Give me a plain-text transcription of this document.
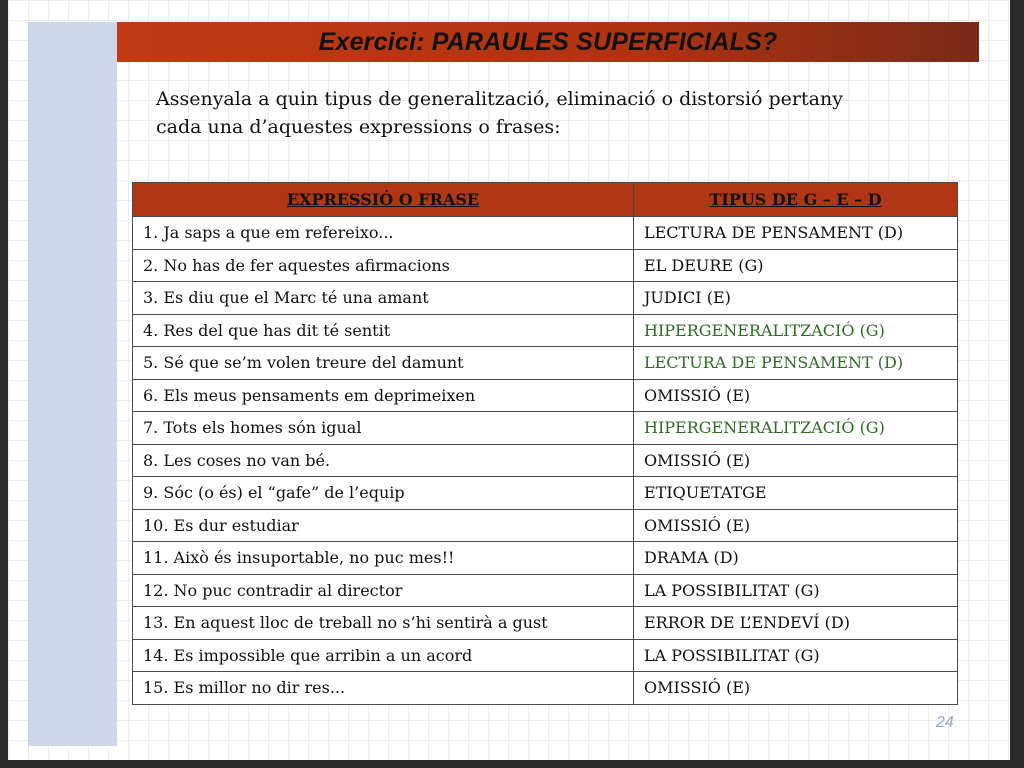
Exercici: PARAULES SUPERFICIALS?
Assenyala a quin tipus de generalització, eliminació o distorsió pertany
cada una d’aquestes expressions o frases:
EXPRESSIÓ O FRASE	TIPUS DE G – E – D
1. Ja saps a que em refereixo...	LECTURA DE PENSAMENT (D)
2. No has de fer aquestes afirmacions	EL DEURE (G)
3. Es diu que el Marc té una amant	JUDICI (E)
4. Res del que has dit té sentit	HIPERGENERALITZACIÓ (G)
5. Sé que se’m volen treure del damunt	LECTURA DE PENSAMENT (D)
6. Els meus pensaments em deprimeixen	OMISSIÓ (E)
7. Tots els homes són igual	HIPERGENERALITZACIÓ (G)
8. Les coses no van bé.	OMISSIÓ (E)
9. Sóc (o és) el “gafe” de l’equip	ETIQUETATGE
10. Es dur estudiar	OMISSIÓ (E)
11. Això és insuportable, no puc mes!!	DRAMA (D)
12. No puc contradir al director	LA POSSIBILITAT (G)
13. En aquest lloc de treball no s’hi sentirà a gust	ERROR DE L’ENDEVÍ (D)
14. Es impossible que arribin a un acord	LA POSSIBILITAT (G)
15. Es millor no dir res...	OMISSIÓ (E)
24
